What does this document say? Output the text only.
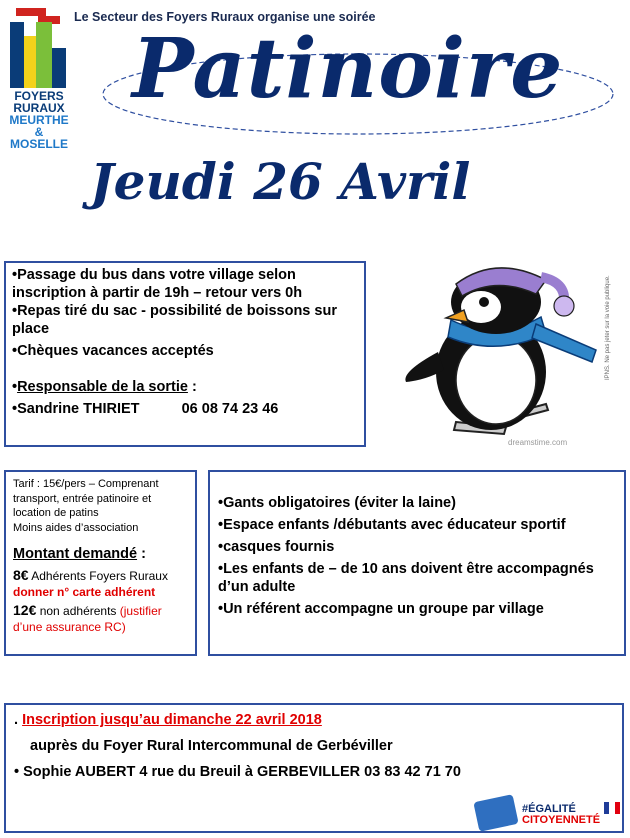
FOYERS
RURAUX
MEURTHE
&
MOSELLE
Le Secteur des Foyers Ruraux organise une soirée
Patinoire
Jeudi 26 Avril

•Passage du bus dans votre village selon inscription à partir de 19h – retour vers 0h

•Repas tiré du sac - possibilité de boissons sur place

•Chèques vacances acceptés

•Responsable de la sortie :

•Sandrine THIRIET	06 08 74 23 46

dreamstime.com
IPNS. Ne pas jeter sur la voie publique.
Tarif : 15€/pers – Comprenant transport, entrée patinoire et location de patins
Moins aides d’association
Montant demandé :
8€ Adhérents Foyers Ruraux
donner n° carte adhérent
12€ non adhérents (justifier d’une assurance RC)

•Gants obligatoires (éviter la laine)

•Espace enfants /débutants avec éducateur sportif

•casques fournis

•Les enfants de – de 10 ans doivent être accompagnés d’un adulte

•Un référent accompagne un groupe par village

. Inscription jusqu’au dimanche 22 avril 2018
auprès du Foyer Rural Intercommunal de Gerbéviller
• Sophie AUBERT 4 rue du Breuil à GERBEVILLER 03 83 42 71 70
#ÉGALITÉ
CITOYENNETÉ
